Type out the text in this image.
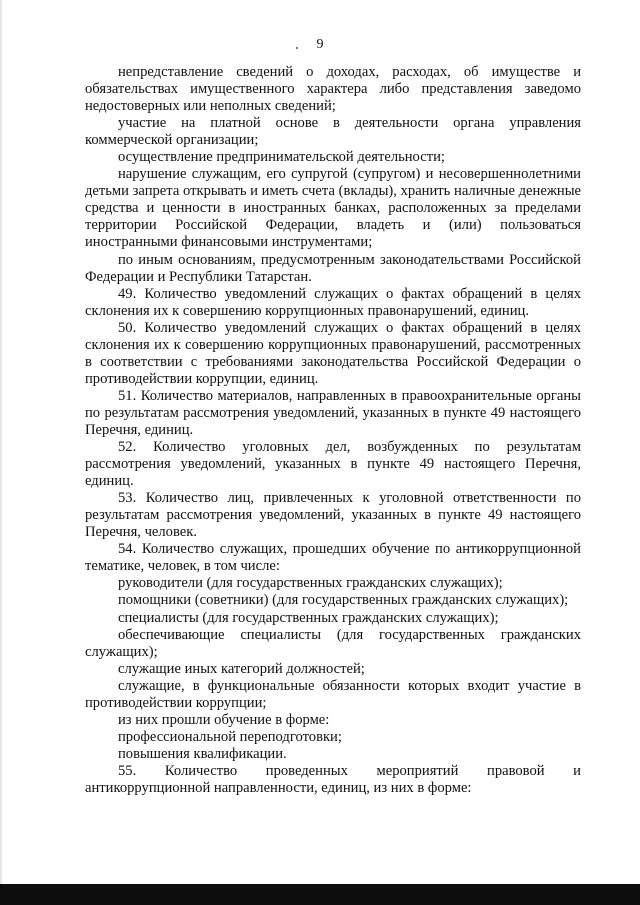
9

непредставление сведений о доходах, расходах, об имуществе и обязательствах имущественного характера либо представления заведомо недостоверных или неполных сведений;

участие на платной основе в деятельности органа управления коммерческой организации;

осуществление предпринимательской деятельности;

нарушение служащим, его супругой (супругом) и несовершеннолетними детьми запрета открывать и иметь счета (вклады), хранить наличные денежные средства и ценности в иностранных банках, расположенных за пределами территории Российской Федерации, владеть и (или) пользоваться иностранными финансовыми инструментами;

по иным основаниям, предусмотренным законодательствами Российской Федерации и Республики Татарстан.

49. Количество уведомлений служащих о фактах обращений в целях склонения их к совершению коррупционных правонарушений, единиц.

50. Количество уведомлений служащих о фактах обращений в целях склонения их к совершению коррупционных правонарушений, рассмотренных в соответствии с требованиями законодательства Российской Федерации о противодействии коррупции, единиц.

51. Количество материалов, направленных в правоохранительные органы по результатам рассмотрения уведомлений, указанных в пункте 49 настоящего Перечня, единиц.

52. Количество уголовных дел, возбужденных по результатам рассмотрения уведомлений, указанных в пункте 49 настоящего Перечня, единиц.

53. Количество лиц, привлеченных к уголовной ответственности по результатам рассмотрения уведомлений, указанных в пункте 49 настоящего Перечня, человек.

54. Количество служащих, прошедших обучение по антикоррупционной тематике, человек, в том числе:

руководители (для государственных гражданских служащих);

помощники (советники) (для государственных гражданских служащих);

специалисты (для государственных гражданских служащих);

обеспечивающие специалисты (для государственных гражданских служащих);

служащие иных категорий должностей;

служащие, в функциональные обязанности которых входит участие в противодействии коррупции;

из них прошли обучение в форме:

профессиональной переподготовки;

повышения квалификации.

55. Количество проведенных мероприятий правовой и антикоррупционной направленности, единиц, из них в форме:
